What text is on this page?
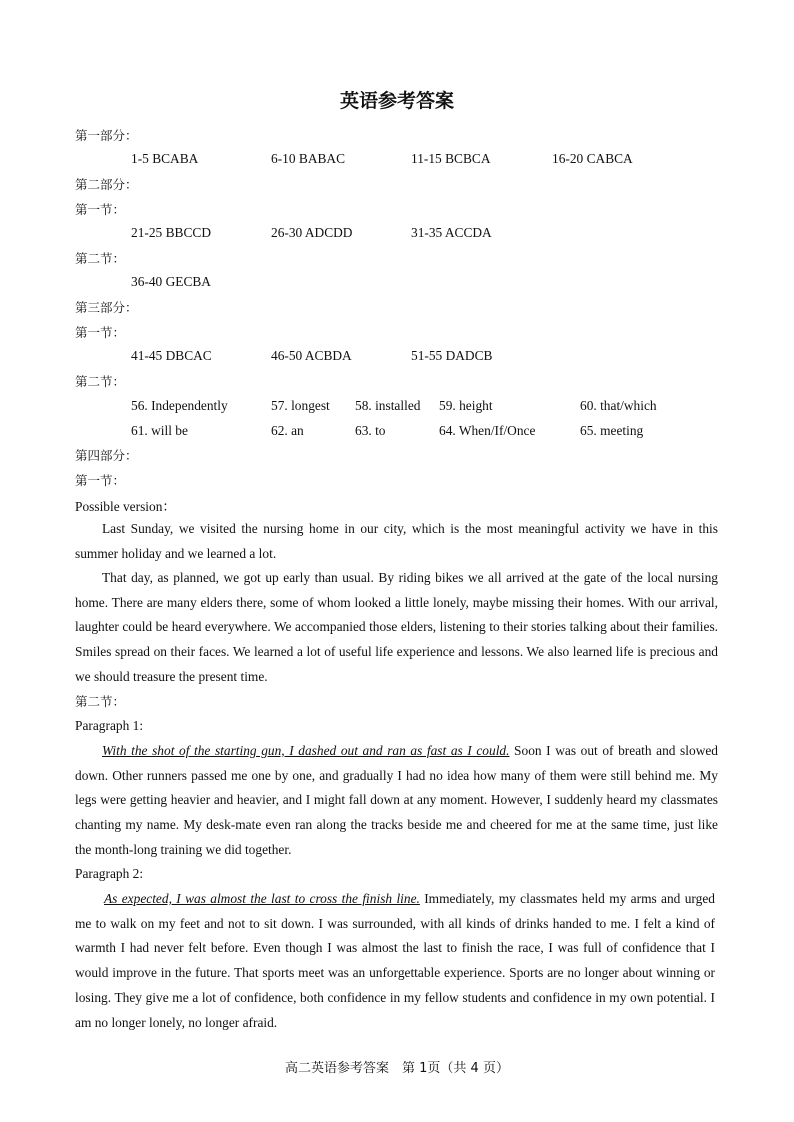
英语参考答案
第一部分：
1-5 BCABA	6-10 BABAC	11-15 BCBCA	16-20 CABCA
第二部分：
第一节：
21-25 BBCCD	26-30 ADCDD	31-35 ACCDA
第二节：
36-40 GECBA
第三部分：
第一节：
41-45 DBCAC	46-50 ACBDA	51-55 DADCB
第二节：
56. Independently	57. longest 58. installed 59. height	60. that/which
61. will be	62. an	63. to	64. When/If/Once	65. meeting
第四部分：
第一节：
Possible version：
Last Sunday, we visited the nursing home in our city, which is the most meaningful activity we have in this summer holiday and we learned a lot.
That day, as planned, we got up early than usual. By riding bikes we all arrived at the gate of the local nursing home. There are many elders there, some of whom looked a little lonely, maybe missing their homes. With our arrival, laughter could be heard everywhere. We accompanied those elders, listening to their stories talking about their families. Smiles spread on their faces. We learned a lot of useful life experience and lessons. We also learned life is precious and we should treasure the present time.
第二节：
Paragraph 1:
With the shot of the starting gun, I dashed out and ran as fast as I could. Soon I was out of breath and slowed down. Other runners passed me one by one, and gradually I had no idea how many of them were still behind me. My legs were getting heavier and heavier, and I might fall down at any moment. However, I suddenly heard my classmates chanting my name. My desk-mate even ran along the tracks beside me and cheered for me at the same time, just like the month-long training we did together.
Paragraph 2:
As expected, I was almost the last to cross the finish line. Immediately, my classmates held my arms and urged me to walk on my feet and not to sit down. I was surrounded, with all kinds of drinks handed to me. I felt a kind of warmth I had never felt before. Even though I was almost the last to finish the race, I was full of confidence that I would improve in the future. That sports meet was an unforgettable experience. Sports are no longer about winning or losing. They give me a lot of confidence, both confidence in my fellow students and confidence in my own potential. I am no longer lonely, no longer afraid.
高二英语参考答案　第 1页（共 4 页）
